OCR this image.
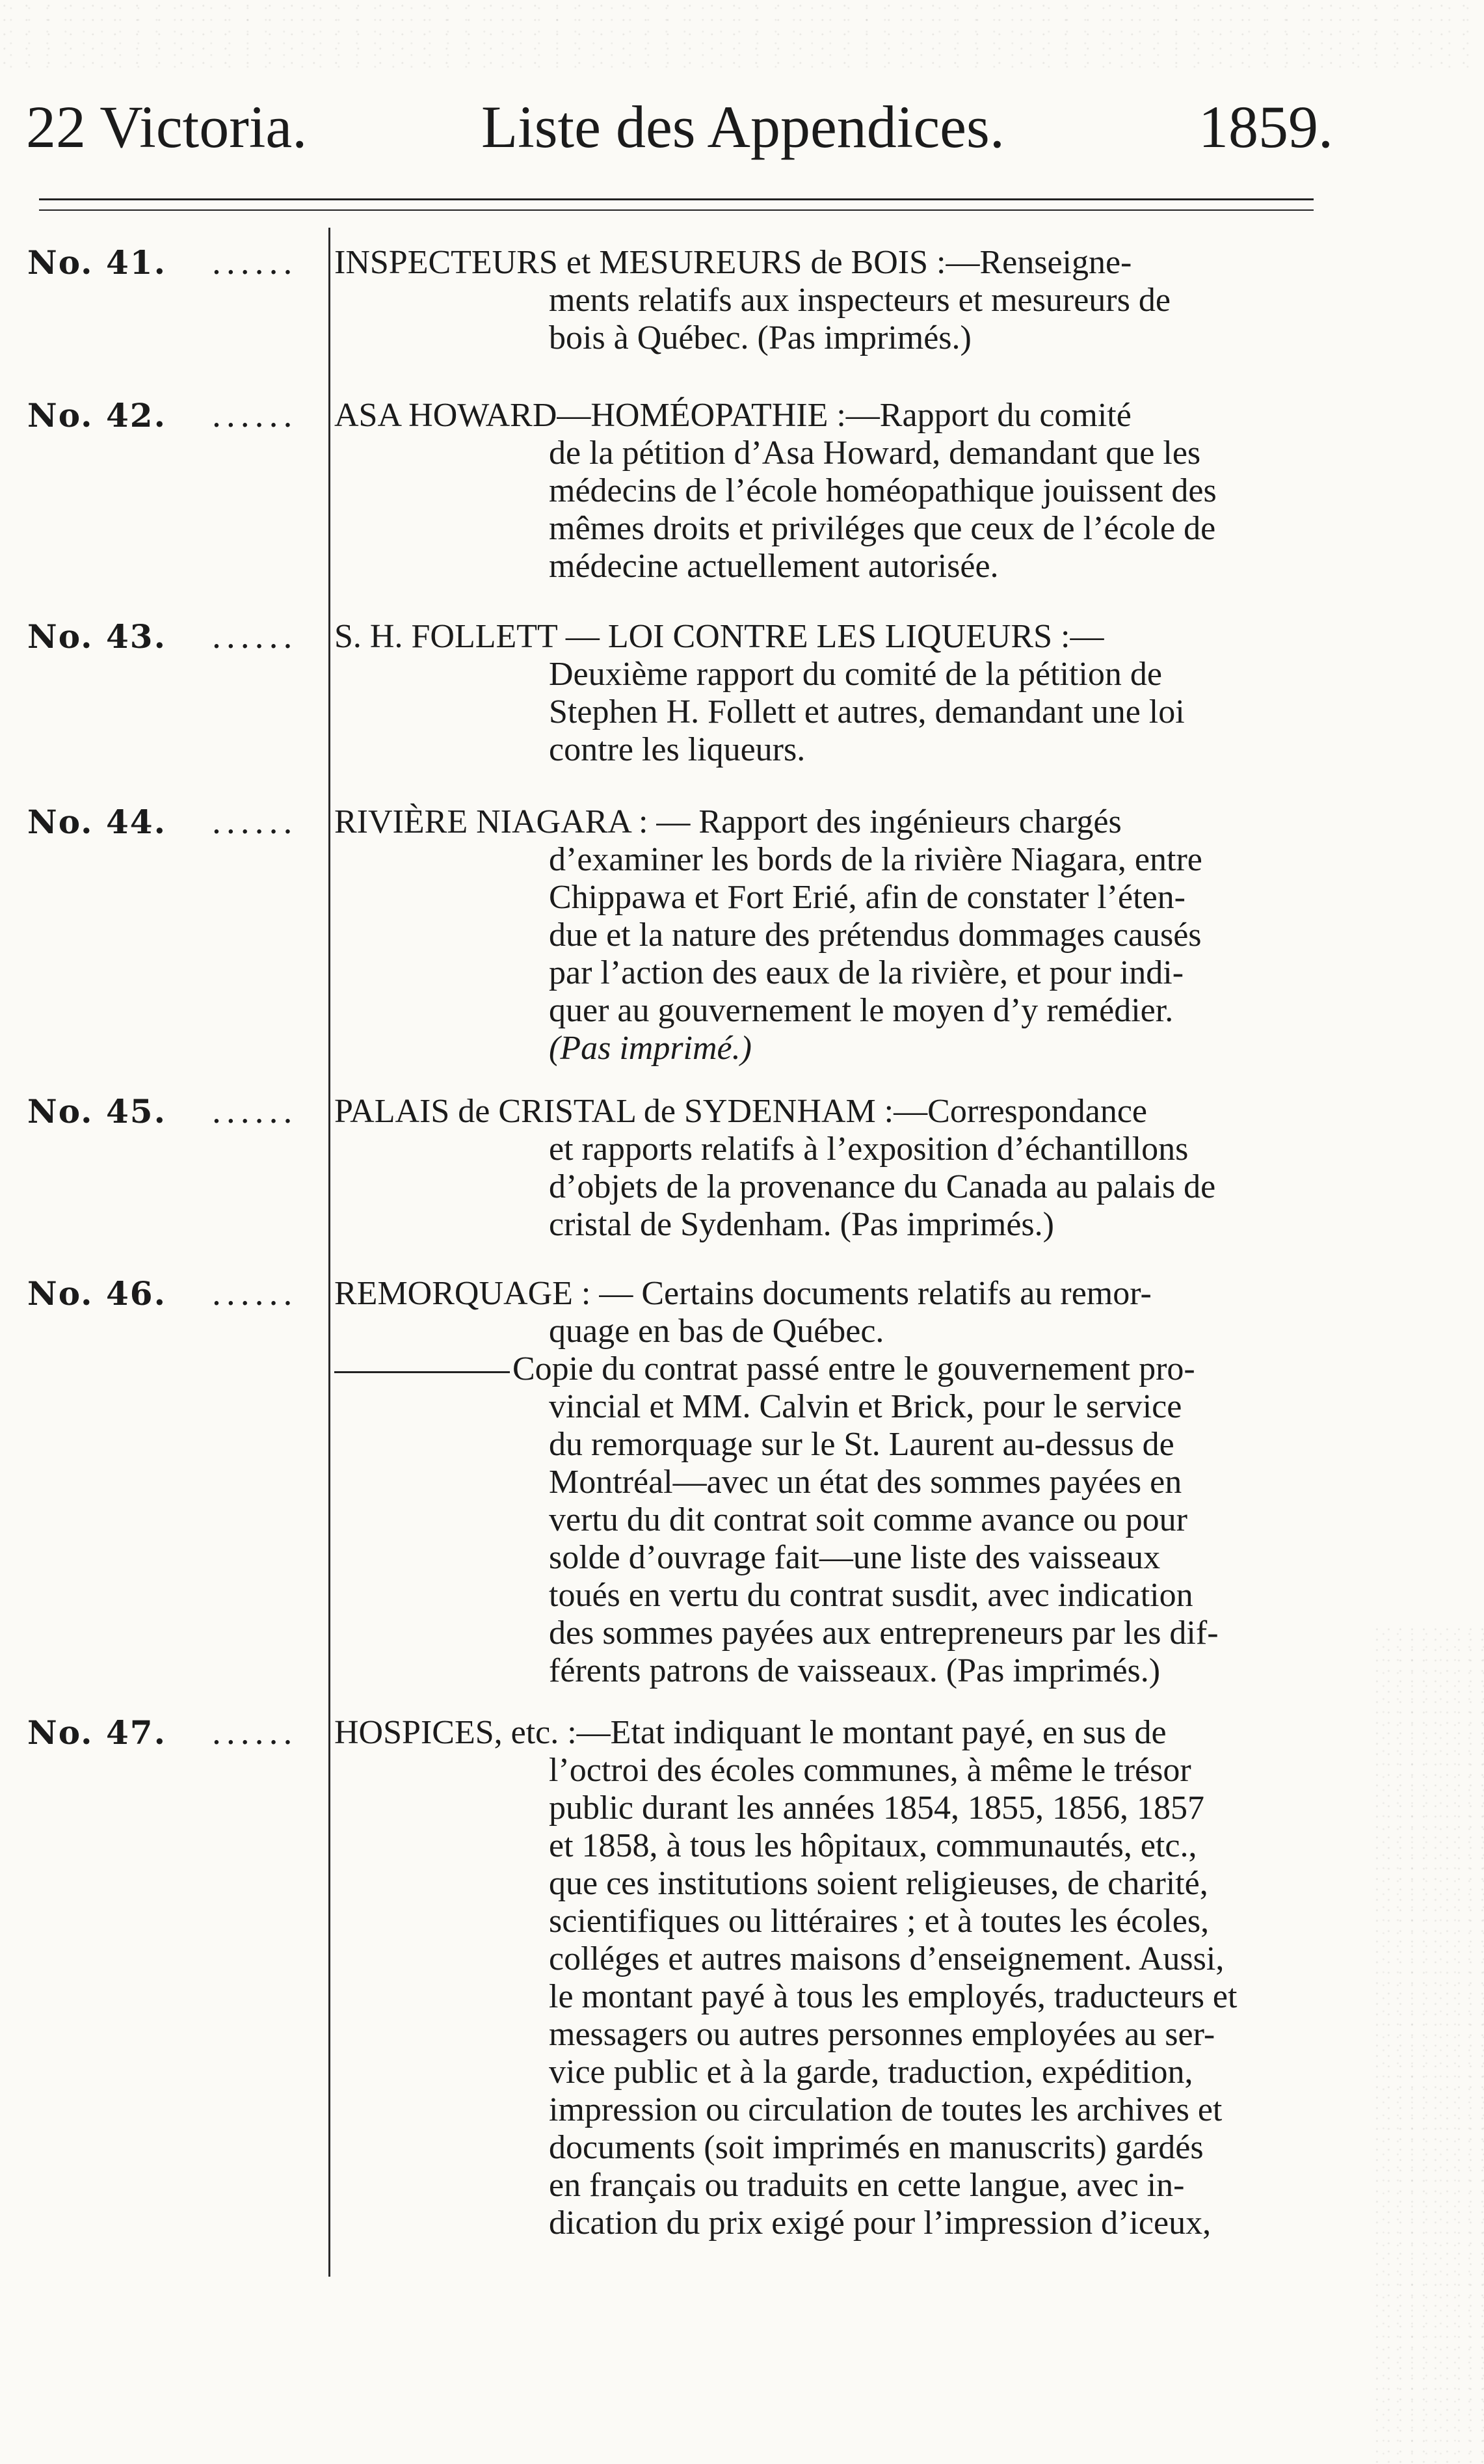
22 Victoria.	Liste des Appendices.	1859.
No. 41. ...... INSPECTEURS et MESUREURS de BOIS :—Renseigne-
ments relatifs aux inspecteurs et mesureurs de
bois à Québec. (Pas imprimés.)
No. 42. ...... ASA HOWARD—HOMÉOPATHIE :—Rapport du comité
de la pétition d’Asa Howard, demandant que les
médecins de l’école homéopathique jouissent des
mêmes droits et priviléges que ceux de l’école de
médecine actuellement autorisée.
No. 43. ...... S. H. FOLLETT — LOI CONTRE LES LIQUEURS :—
Deuxième rapport du comité de la pétition de
Stephen H. Follett et autres, demandant une loi
contre les liqueurs.
No. 44. ...... RIVIÈRE NIAGARA : — Rapport des ingénieurs chargés
d’examiner les bords de la rivière Niagara, entre
Chippawa et Fort Erié, afin de constater l’éten-
due et la nature des prétendus dommages causés
par l’action des eaux de la rivière, et pour indi-
quer au gouvernement le moyen d’y remédier.
(Pas imprimé.)
No. 45. ...... PALAIS de CRISTAL de SYDENHAM :—Correspondance
et rapports relatifs à l’exposition d’échantillons
d’objets de la provenance du Canada au palais de
cristal de Sydenham. (Pas imprimés.)
No. 46. ...... REMORQUAGE : — Certains documents relatifs au remor-
quage en bas de Québec.
Copie du contrat passé entre le gouvernement pro-
vincial et MM. Calvin et Brick, pour le service
du remorquage sur le St. Laurent au-dessus de
Montréal—avec un état des sommes payées en
vertu du dit contrat soit comme avance ou pour
solde d’ouvrage fait—une liste des vaisseaux
toués en vertu du contrat susdit, avec indication
des sommes payées aux entrepreneurs par les dif-
férents patrons de vaisseaux. (Pas imprimés.)
No. 47. ...... HOSPICES, etc. :—Etat indiquant le montant payé, en sus de
l’octroi des écoles communes, à même le trésor
public durant les années 1854, 1855, 1856, 1857
et 1858, à tous les hôpitaux, communautés, etc.,
que ces institutions soient religieuses, de charité,
scientifiques ou littéraires ; et à toutes les écoles,
colléges et autres maisons d’enseignement. Aussi,
le montant payé à tous les employés, traducteurs et
messagers ou autres personnes employées au ser-
vice public et à la garde, traduction, expédition,
impression ou circulation de toutes les archives et
documents (soit imprimés en manuscrits) gardés
en français ou traduits en cette langue, avec in-
dication du prix exigé pour l’impression d’iceux,
